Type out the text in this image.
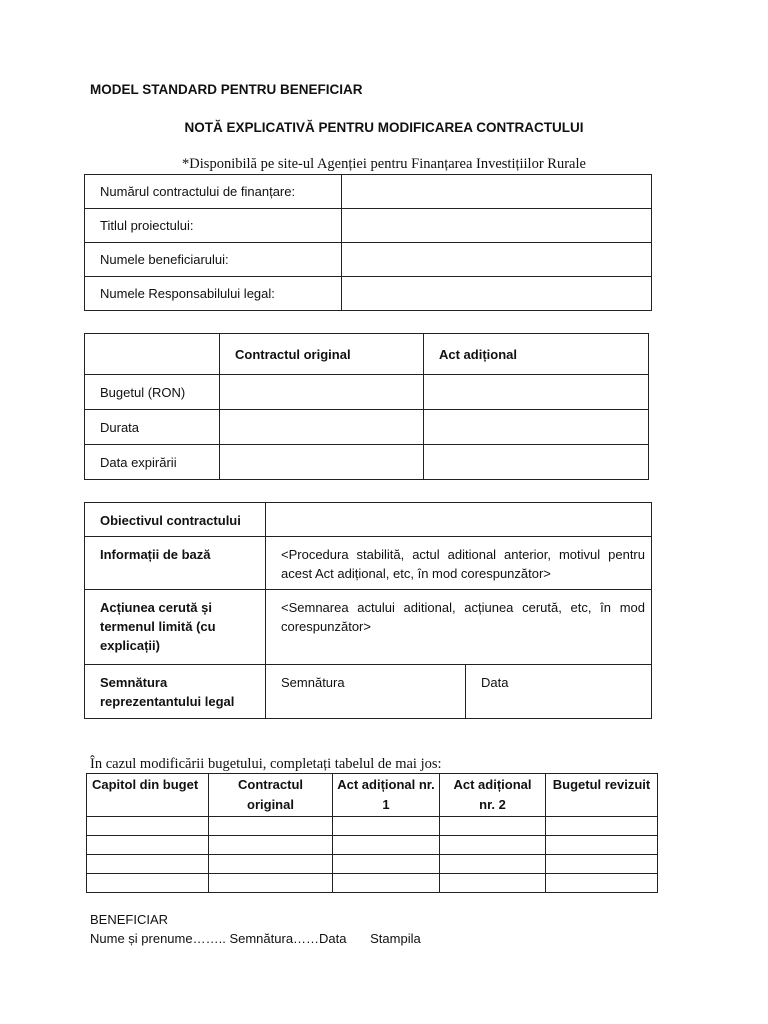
MODEL STANDARD PENTRU BENEFICIAR
NOTĂ EXPLICATIVĂ PENTRU MODIFICAREA CONTRACTULUI
*Disponibilă pe site-ul Agenției pentru Finanțarea Investițiilor Rurale
Numărul contractului de finanțare:	
Titlul proiectului:	
Numele beneficiarului:	
Numele Responsabilului legal:	
	Contractul original	Act adițional
Bugetul (RON)		
Durata		
Data expirării		
Obiectivul contractului		
Informații de bază	<Procedura stabilită, actul aditional anterior, motivul pentru acest Act adițional, etc, în mod corespunzător>	
Acțiunea cerută și termenul limită (cu explicații)	<Semnarea actului aditional, acțiunea cerută, etc, în mod corespunzător>	
Semnătura reprezentantului legal	Semnătura	Data
În cazul modificării bugetului, completați tabelul de mai jos:
Capitol din buget	Contractul original	Act adițional nr. 1	Act adițional nr. 2	Bugetul revizuit

BENEFICIAR
Nume și prenume…….. Semnătura……Data Stampila
